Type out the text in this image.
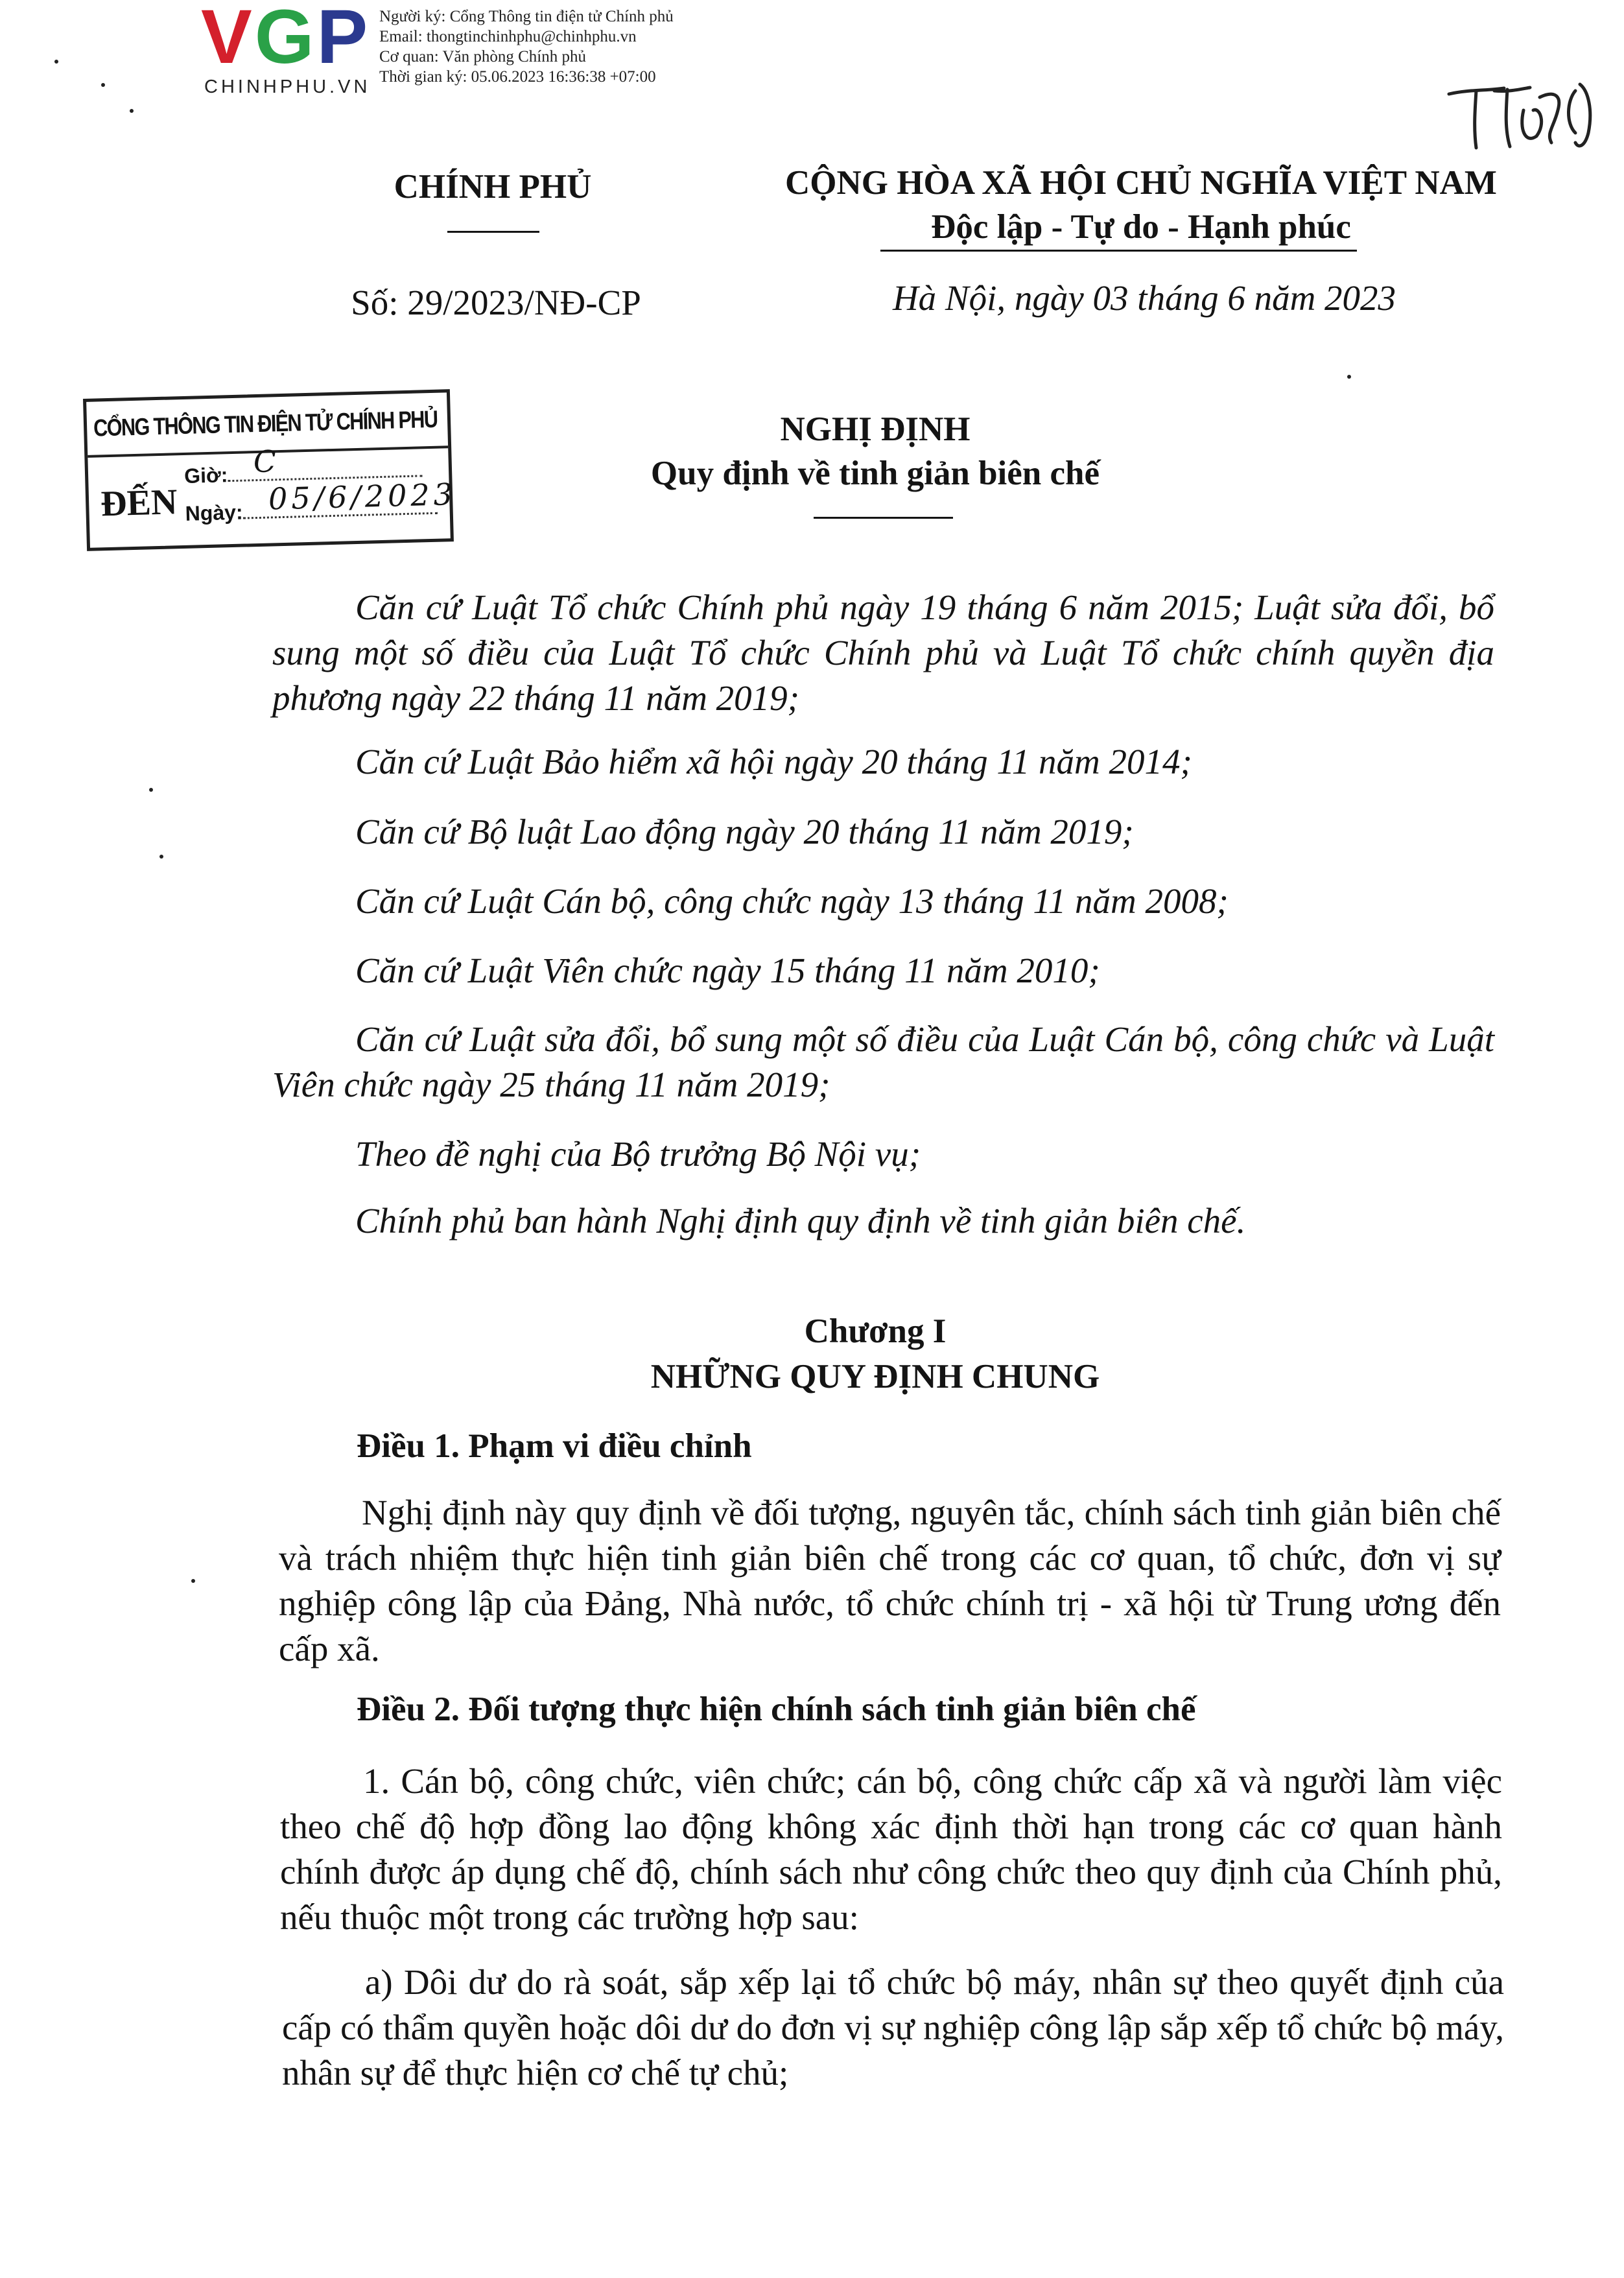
VGP
CHINHPHU.VN
Người ký: Cổng Thông tin điện tử Chính phủ
Email: thongtinchinhphu@chinhphu.vn
Cơ quan: Văn phòng Chính phủ
Thời gian ký: 05.06.2023 16:36:38 +07:00
CHÍNH PHỦ	CỘNG HÒA XÃ HỘI CHỦ NGHĨA VIỆT NAM
Độc lập - Tự do - Hạnh phúc
Số: 29/2023/NĐ-CP	Hà Nội, ngày 03 tháng 6 năm 2023
CỔNG THÔNG TIN ĐIỆN TỬ CHÍNH PHỦ
ĐẾN
Giờ: C
Ngày: 05/6/2023
NGHỊ ĐỊNH
Quy định về tinh giản biên chế
Căn cứ Luật Tổ chức Chính phủ ngày 19 tháng 6 năm 2015; Luật sửa đổi, bổ sung một số điều của Luật Tổ chức Chính phủ và Luật Tổ chức chính quyền địa phương ngày 22 tháng 11 năm 2019;
Căn cứ Luật Bảo hiểm xã hội ngày 20 tháng 11 năm 2014;
Căn cứ Bộ luật Lao động ngày 20 tháng 11 năm 2019;
Căn cứ Luật Cán bộ, công chức ngày 13 tháng 11 năm 2008;
Căn cứ Luật Viên chức ngày 15 tháng 11 năm 2010;
Căn cứ Luật sửa đổi, bổ sung một số điều của Luật Cán bộ, công chức và Luật Viên chức ngày 25 tháng 11 năm 2019;
Theo đề nghị của Bộ trưởng Bộ Nội vụ;
Chính phủ ban hành Nghị định quy định về tinh giản biên chế.
Chương I
NHỮNG QUY ĐỊNH CHUNG
Điều 1. Phạm vi điều chỉnh
Nghị định này quy định về đối tượng, nguyên tắc, chính sách tinh giản biên chế và trách nhiệm thực hiện tinh giản biên chế trong các cơ quan, tổ chức, đơn vị sự nghiệp công lập của Đảng, Nhà nước, tổ chức chính trị - xã hội từ Trung ương đến cấp xã.
Điều 2. Đối tượng thực hiện chính sách tinh giản biên chế
1. Cán bộ, công chức, viên chức; cán bộ, công chức cấp xã và người làm việc theo chế độ hợp đồng lao động không xác định thời hạn trong các cơ quan hành chính được áp dụng chế độ, chính sách như công chức theo quy định của Chính phủ, nếu thuộc một trong các trường hợp sau:
a) Dôi dư do rà soát, sắp xếp lại tổ chức bộ máy, nhân sự theo quyết định của cấp có thẩm quyền hoặc dôi dư do đơn vị sự nghiệp công lập sắp xếp tổ chức bộ máy, nhân sự để thực hiện cơ chế tự chủ;
